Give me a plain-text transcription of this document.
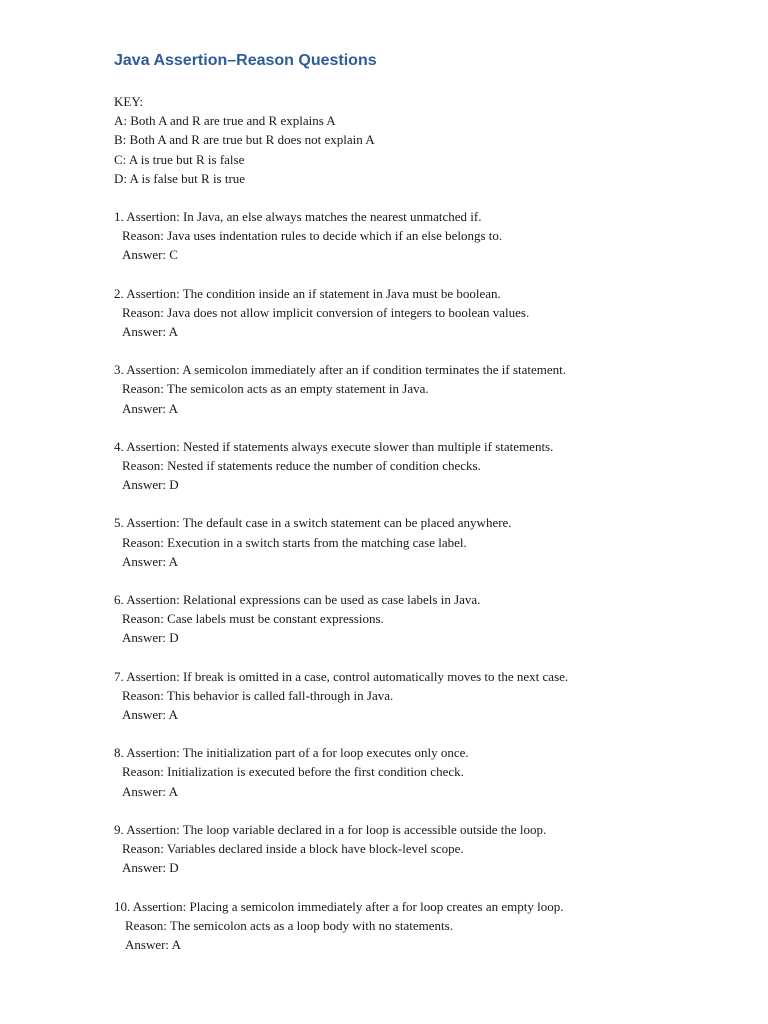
Java Assertion–Reason Questions
KEY:
A: Both A and R are true and R explains A
B: Both A and R are true but R does not explain A
C: A is true but R is false
D: A is false but R is true
1. Assertion: In Java, an else always matches the nearest unmatched if.
Reason: Java uses indentation rules to decide which if an else belongs to.
Answer: C
2. Assertion: The condition inside an if statement in Java must be boolean.
Reason: Java does not allow implicit conversion of integers to boolean values.
Answer: A
3. Assertion: A semicolon immediately after an if condition terminates the if statement.
Reason: The semicolon acts as an empty statement in Java.
Answer: A
4. Assertion: Nested if statements always execute slower than multiple if statements.
Reason: Nested if statements reduce the number of condition checks.
Answer: D
5. Assertion: The default case in a switch statement can be placed anywhere.
Reason: Execution in a switch starts from the matching case label.
Answer: A
6. Assertion: Relational expressions can be used as case labels in Java.
Reason: Case labels must be constant expressions.
Answer: D
7. Assertion: If break is omitted in a case, control automatically moves to the next case.
Reason: This behavior is called fall-through in Java.
Answer: A
8. Assertion: The initialization part of a for loop executes only once.
Reason: Initialization is executed before the first condition check.
Answer: A
9. Assertion: The loop variable declared in a for loop is accessible outside the loop.
Reason: Variables declared inside a block have block-level scope.
Answer: D
10. Assertion: Placing a semicolon immediately after a for loop creates an empty loop.
Reason: The semicolon acts as a loop body with no statements.
Answer: A
